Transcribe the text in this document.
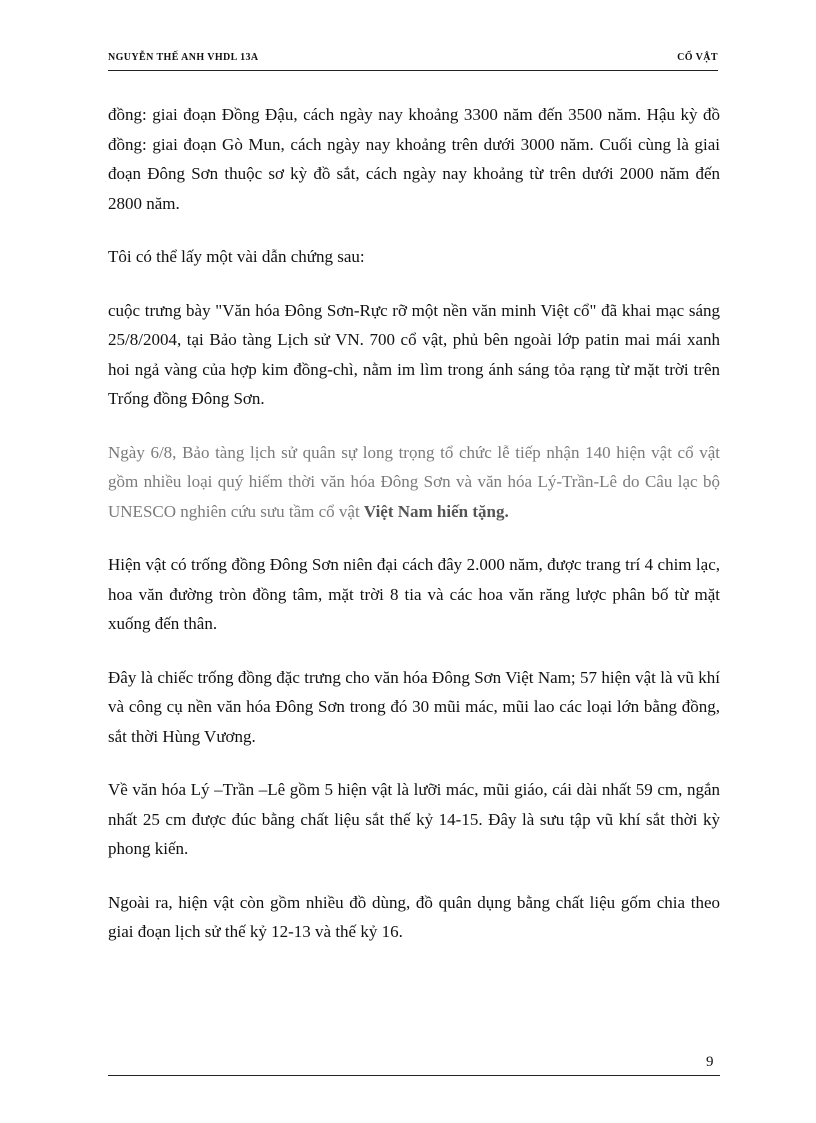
NGUYỄN THẾ ANH VHDL 13A	CỔ VẬT

đồng: giai đoạn Đồng Đậu, cách ngày nay khoảng 3300 năm đến 3500 năm. Hậu kỳ đồ đồng: giai đoạn Gò Mun, cách ngày nay khoảng trên dưới 3000 năm. Cuối cùng là giai đoạn Đông Sơn thuộc sơ kỳ đồ sắt, cách ngày nay khoảng từ trên dưới 2000 năm đến 2800 năm.

Tôi có thể lấy một vài dẫn chứng sau:

cuộc trưng bày "Văn hóa Đông Sơn-Rực rỡ một nền văn minh Việt cổ" đã khai mạc sáng 25/8/2004, tại Bảo tàng Lịch sử VN. 700 cổ vật, phủ bên ngoài lớp patin mai mái xanh hoi ngả vàng của hợp kim đồng-chì, nằm im lìm trong ánh sáng tỏa rạng từ mặt trời trên Trống đồng Đông Sơn.

Ngày 6/8, Bảo tàng lịch sử quân sự long trọng tổ chức lễ tiếp nhận 140 hiện vật cổ vật gồm nhiều loại quý hiếm thời văn hóa Đông Sơn và văn hóa Lý-Trần-Lê do Câu lạc bộ UNESCO nghiên cứu sưu tầm cổ vật Việt Nam hiến tặng.

Hiện vật có trống đồng Đông Sơn niên đại cách đây 2.000 năm, được trang trí 4 chim lạc, hoa văn đường tròn đồng tâm, mặt trời 8 tia và các hoa văn răng lược phân bố từ mặt xuống đến thân.

Đây là chiếc trống đồng đặc trưng cho văn hóa Đông Sơn Việt Nam; 57 hiện vật là vũ khí và công cụ nền văn hóa Đông Sơn trong đó 30 mũi mác, mũi lao các loại lớn bằng đồng, sắt thời Hùng Vương.

Về văn hóa Lý –Trần –Lê gồm 5 hiện vật là lưỡi mác, mũi giáo, cái dài nhất 59 cm, ngắn nhất 25 cm được đúc bằng chất liệu sắt thế kỷ 14-15. Đây là sưu tập vũ khí sắt thời kỳ phong kiến.

Ngoài ra, hiện vật còn gồm nhiều đồ dùng, đồ quân dụng bằng chất liệu gốm chia theo giai đoạn lịch sử thế kỷ 12-13 và thế kỷ 16.

9
